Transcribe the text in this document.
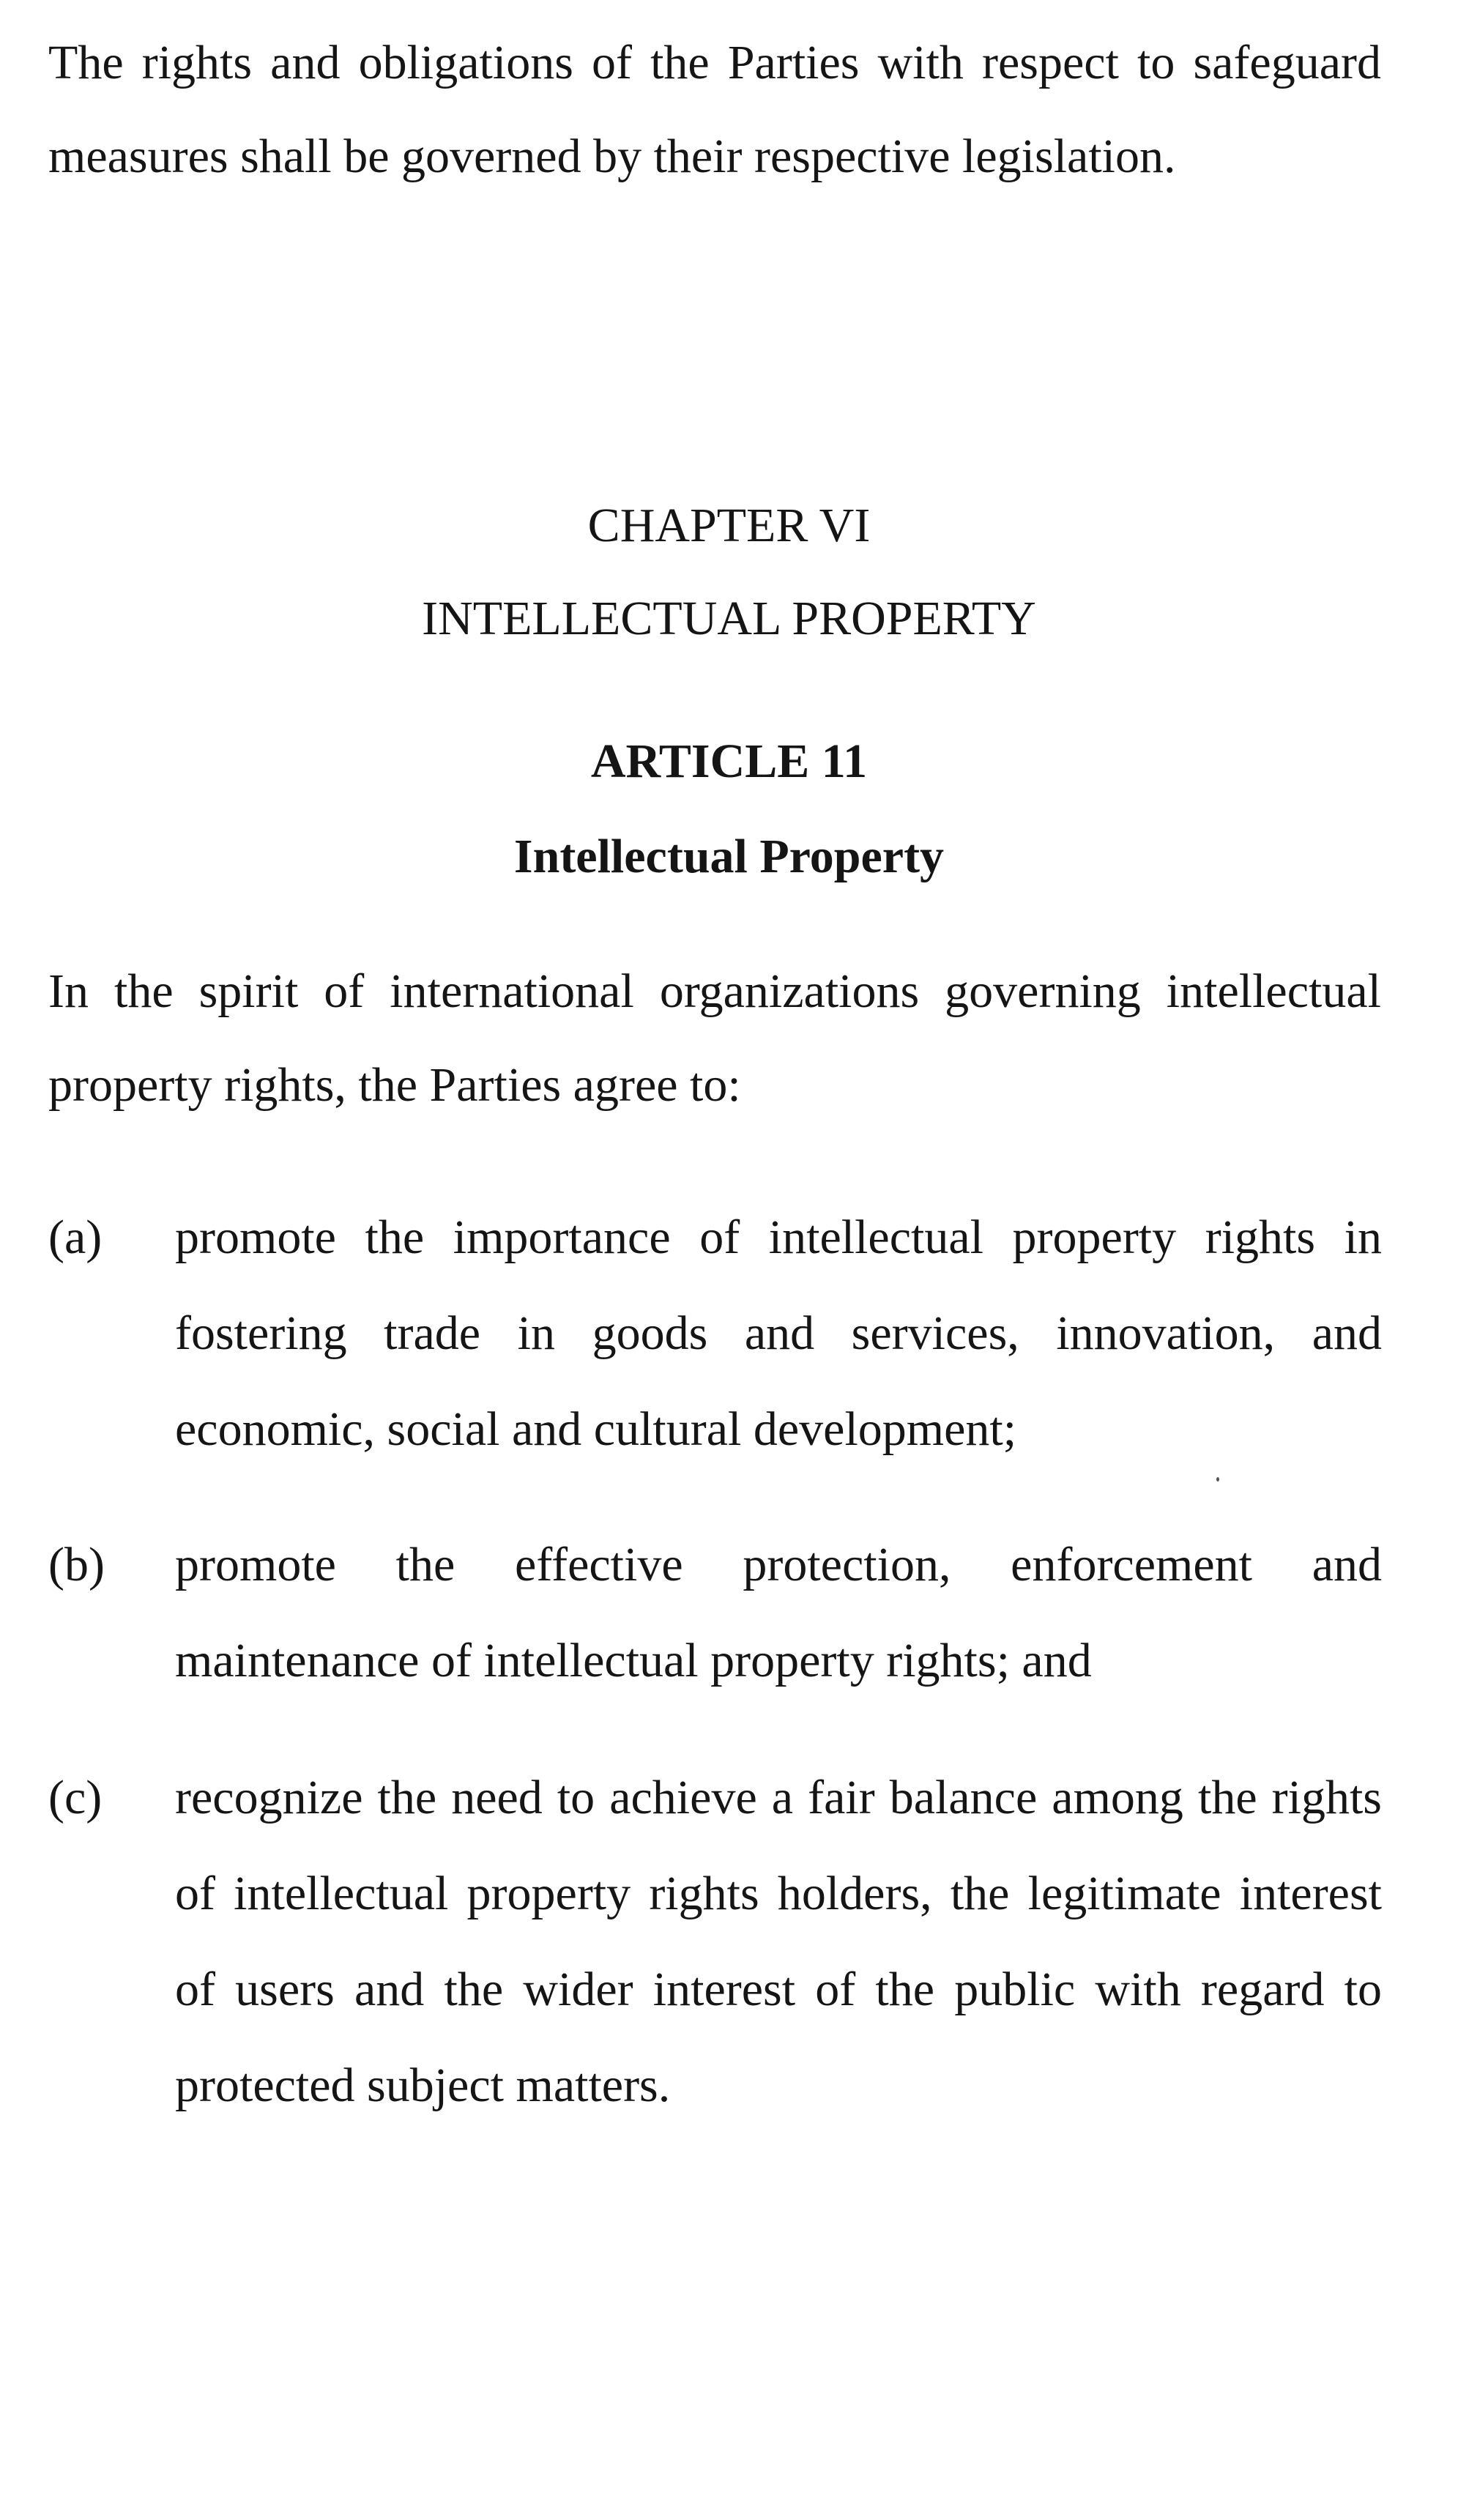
The rights and obligations of the Parties with respect to safeguard measures shall be governed by their respective legislation.

CHAPTER VI
INTELLECTUAL PROPERTY
ARTICLE 11
Intellectual Property

In the spirit of international organizations governing intellectual property rights, the Parties agree to:

(a)	promote the importance of intellectual property rights in fostering trade in goods and services, innovation, and economic, social and cultural development;
(b)	promote the effective protection, enforcement and maintenance of intellectual property rights; and
(c)	recognize the need to achieve a fair balance among the rights of intellectual property rights holders, the legitimate interest of users and the wider interest of the public with regard to protected subject matters.
